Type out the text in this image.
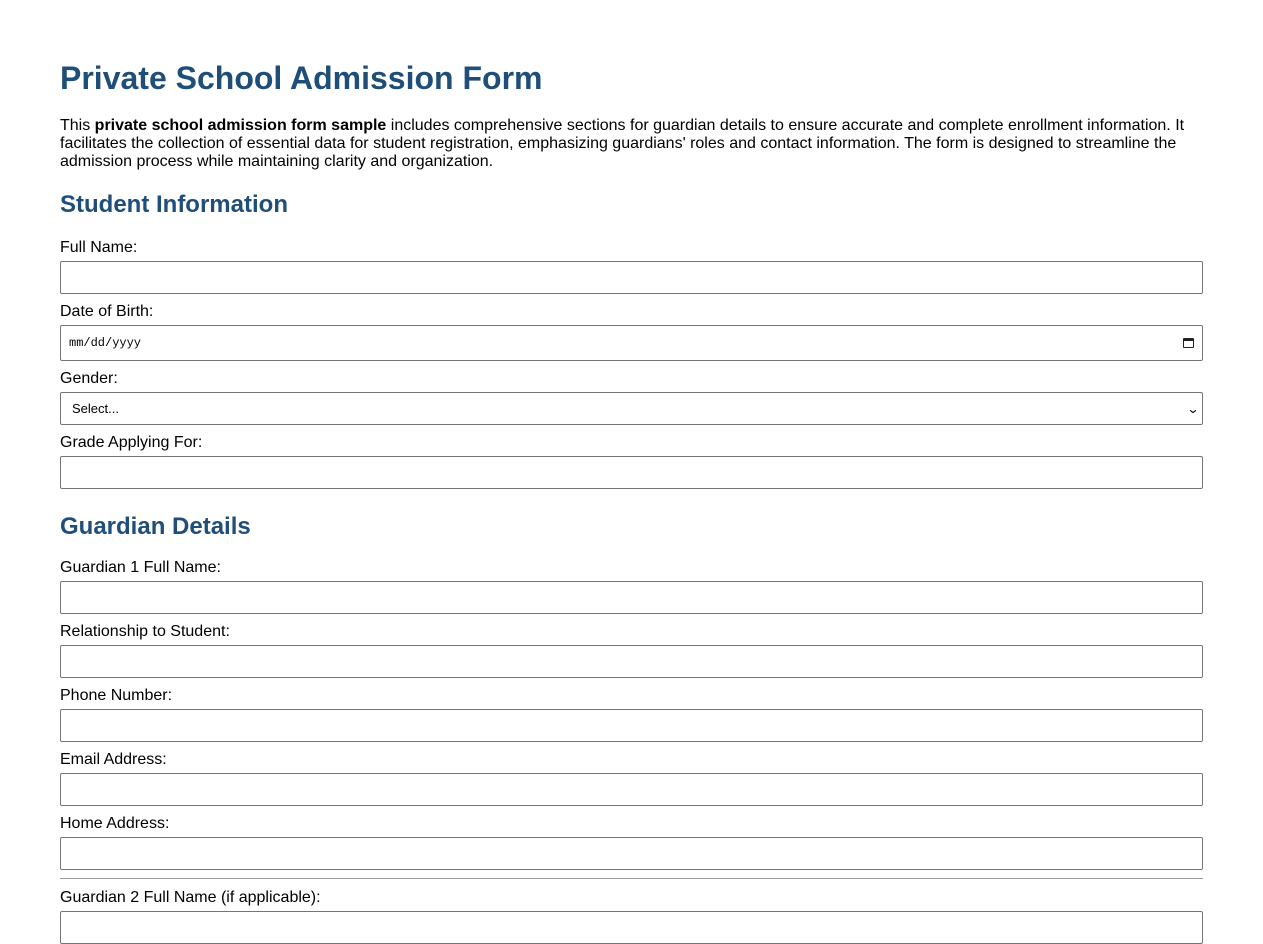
Private School Admission Form

This private school admission form sample includes comprehensive sections for guardian details to ensure accurate and complete enrollment information. It facilitates the collection of essential data for student registration, emphasizing guardians' roles and contact information. The form is designed to streamline the admission process while maintaining clarity and organization.

Student Information
Full Name:
Date of Birth:
mm/dd/yyyy
Gender:
Select...	⌄
Grade Applying For:
Guardian Details
Guardian 1 Full Name:
Relationship to Student:
Phone Number:
Email Address:
Home Address:
Guardian 2 Full Name (if applicable):
